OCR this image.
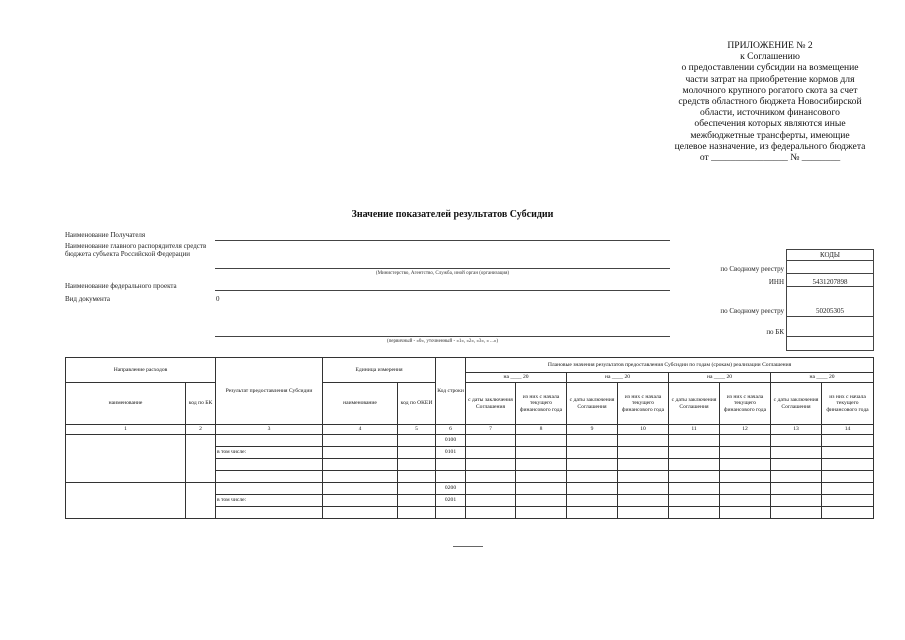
ПРИЛОЖЕНИЕ № 2
к Соглашению
о предоставлении субсидии на возмещение
части затрат на приобретение кормов для
молочного крупного рогатого скота за счет
средств областного бюджета Новосибирской
области, источником финансового
обеспечения которых являются иные
межбюджетные трансферты, имеющие
целевое назначение, из федерального бюджета
от ________________ № ________
Значение показателей результатов Субсидии
Наименование Получателя
Наименование главного распорядителя средств бюджета субъекта Российской Федерации
(Министерство, Агентство, Служба, иной орган (организация)
Наименование федерального проекта
Вид документа	0
(первичный - «0», уточненный - «1», «2», «3», « ...»)
КОДЫ
по Сводному реестру
ИНН	5431207898
по Сводному реестру	50205305
по БК
Направление расходов		Результат предоставления Субсидии	Единица измерения		Код строки	Плановые значения результатов предоставления Субсидии по годам (срокам) реализации Соглашения							
						на ____ 20		на ____ 20		на ____ 20		на ____ 20	
наименование	код по БК		наименование	код по ОКЕИ		с даты заключения Соглашения	из них с начала текущего финансового года	с даты заключения Соглашения	из них с начала текущего финансового года	с даты заключения Соглашения	из них с начала текущего финансового года	с даты заключения Соглашения	из них с начала текущего финансового года
1	2	3	4	5	6	7	8	9	10	11	12	13	14
					0100								
		в том числе:			0101								

					0200								
		в том числе:			0201								
